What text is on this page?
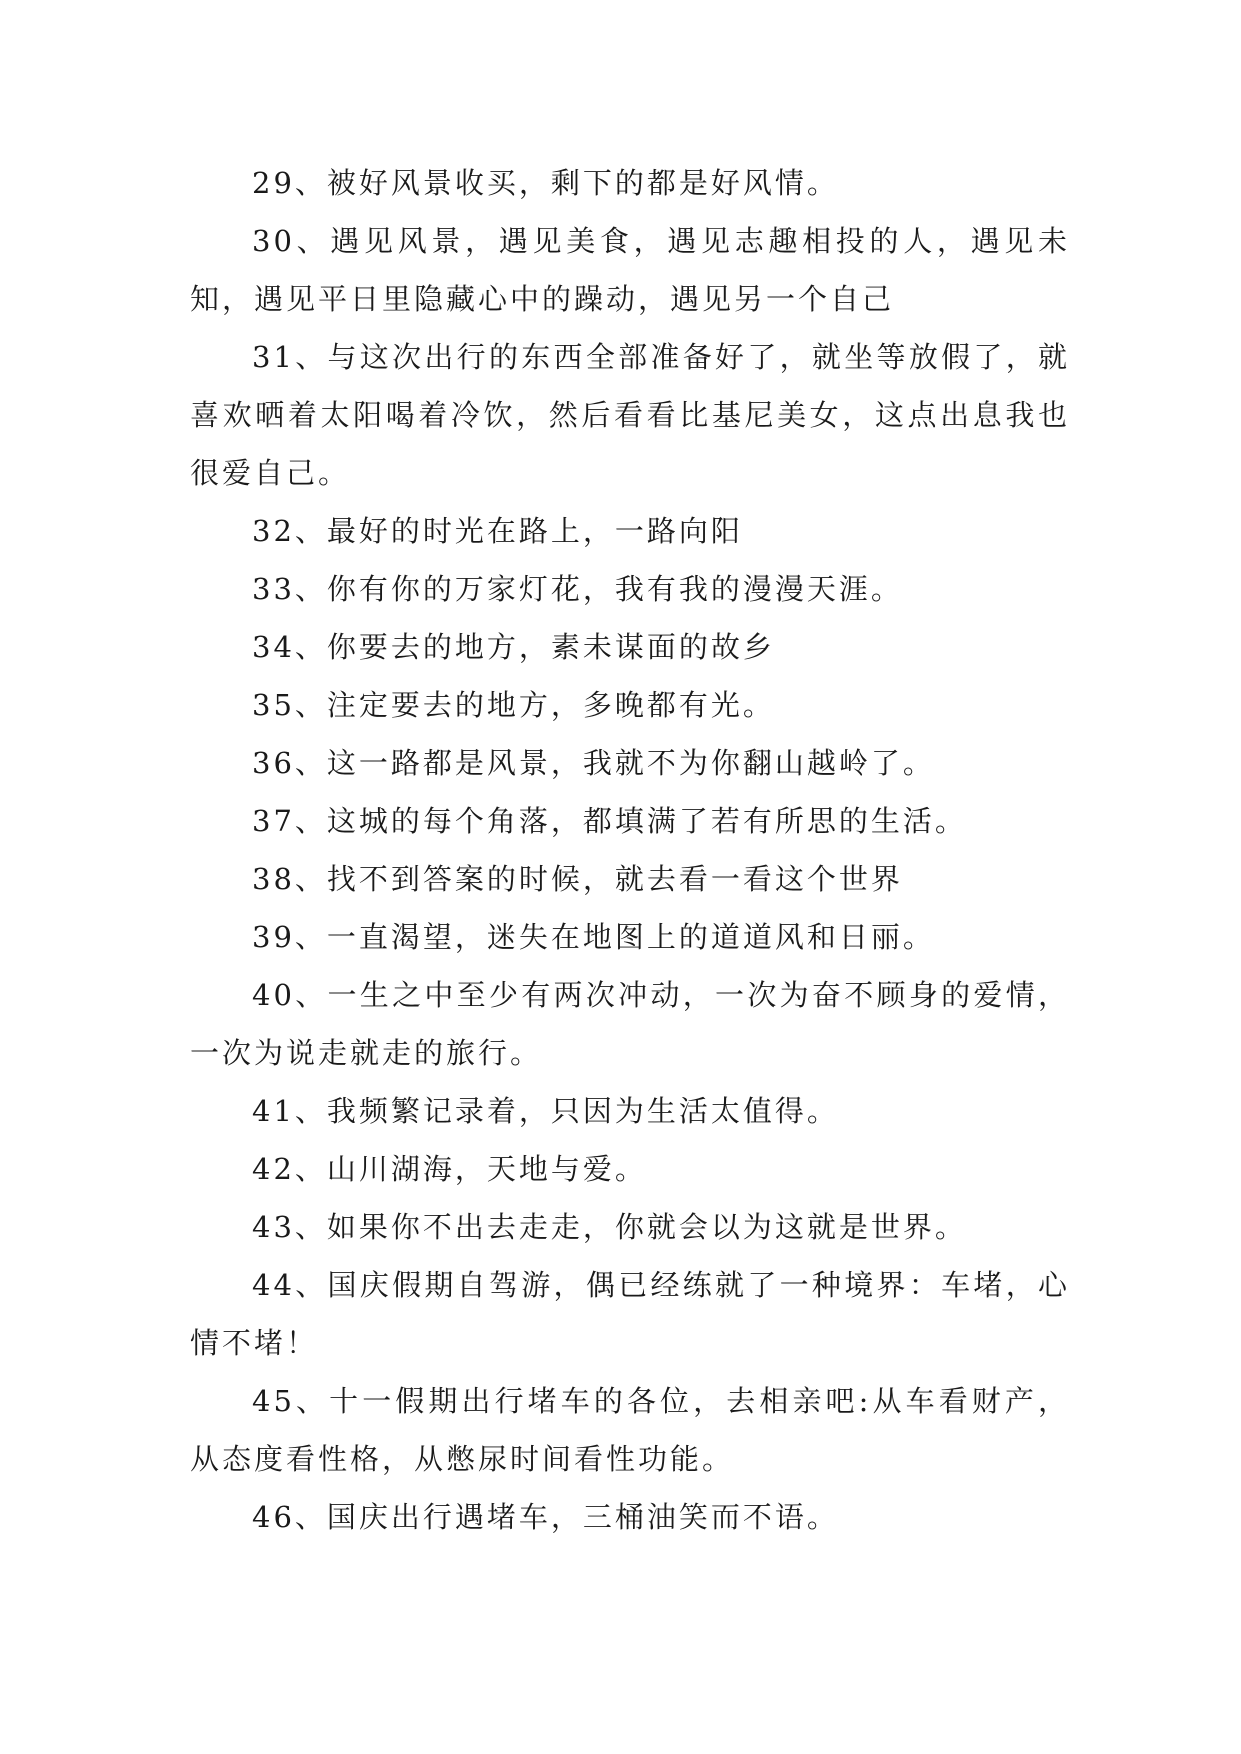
29、被好风景收买，剩下的都是好风情。

30、遇见风景，遇见美食，遇见志趣相投的人，遇见未知，遇见平日里隐藏心中的躁动，遇见另一个自己

31、与这次出行的东西全部准备好了，就坐等放假了，就喜欢晒着太阳喝着冷饮，然后看看比基尼美女，这点出息我也很爱自己。

32、最好的时光在路上，一路向阳

33、你有你的万家灯花，我有我的漫漫天涯。

34、你要去的地方，素未谋面的故乡

35、注定要去的地方，多晚都有光。

36、这一路都是风景，我就不为你翻山越岭了。

37、这城的每个角落，都填满了若有所思的生活。

38、找不到答案的时候，就去看一看这个世界

39、一直渴望，迷失在地图上的道道风和日丽。

40、一生之中至少有两次冲动，一次为奋不顾身的爱情，一次为说走就走的旅行。

41、我频繁记录着，只因为生活太值得。

42、山川湖海，天地与爱。

43、如果你不出去走走，你就会以为这就是世界。

44、国庆假期自驾游，偶已经练就了一种境界：车堵，心情不堵！

45、十一假期出行堵车的各位，去相亲吧:从车看财产，从态度看性格，从憋尿时间看性功能。

46、国庆出行遇堵车，三桶油笑而不语。
